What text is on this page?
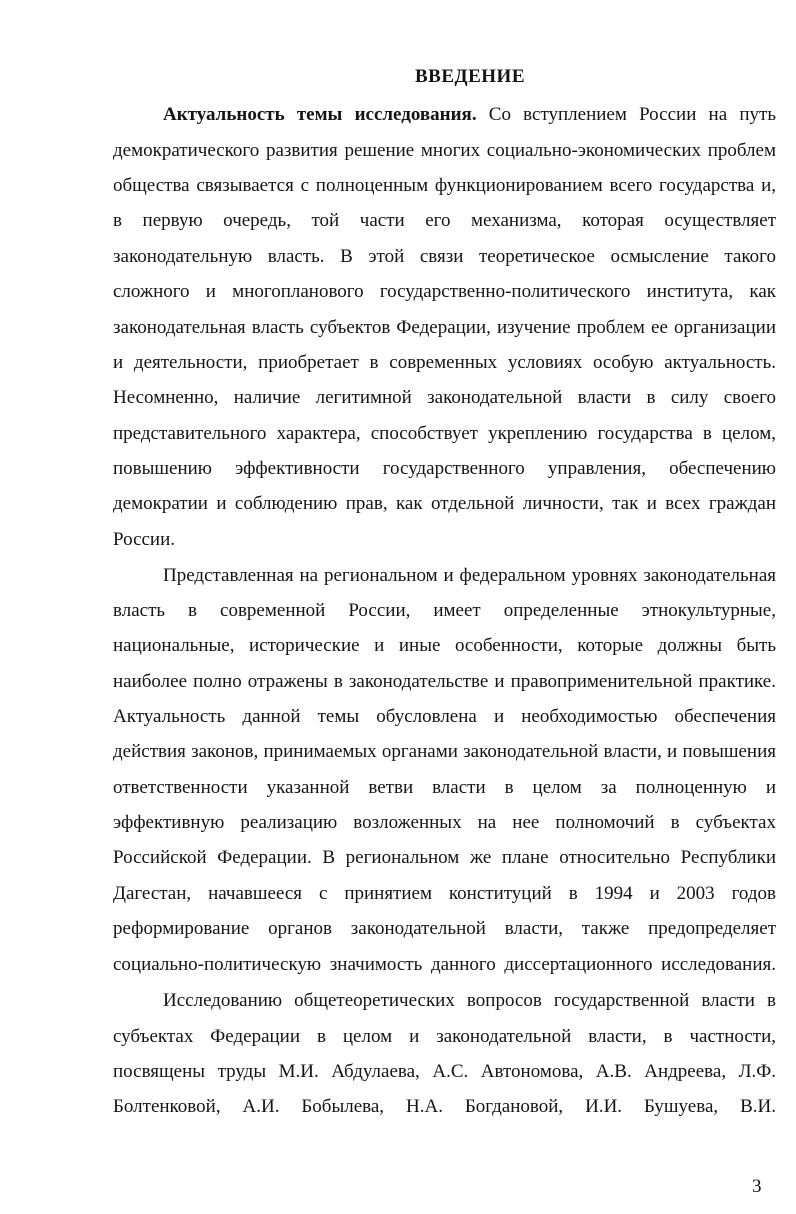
ВВЕДЕНИЕ
Актуальность темы исследования. Со вступлением России на путь
демократического развития решение многих социально-экономических проблем
общества связывается с полноценным функционированием всего государства и,
в первую очередь, той части его механизма, которая осуществляет
законодательную власть. В этой связи теоретическое осмысление такого
сложного и многопланового государственно-политического института, как
законодательная власть субъектов Федерации, изучение проблем ее организации
и деятельности, приобретает в современных условиях особую актуальность.
Несомненно, наличие легитимной законодательной власти в силу своего
представительного характера, способствует укреплению государства в целом,
повышению эффективности государственного управления, обеспечению
демократии и соблюдению прав, как отдельной личности, так и всех граждан
России.
Представленная на региональном и федеральном уровнях законодательная
власть в современной России, имеет определенные этнокультурные,
национальные, исторические и иные особенности, которые должны быть
наиболее полно отражены в законодательстве и правоприменительной практике.
Актуальность данной темы обусловлена и необходимостью обеспечения
действия законов, принимаемых органами законодательной власти, и повышения
ответственности указанной ветви власти в целом за полноценную и
эффективную реализацию возложенных на нее полномочий в субъектах
Российской Федерации. В региональном же плане относительно Республики
Дагестан, начавшееся с принятием конституций в 1994 и 2003 годов
реформирование органов законодательной власти, также предопределяет
социально-политическую значимость данного диссертационного исследования.
Исследованию общетеоретических вопросов государственной власти в
субъектах Федерации в целом и законодательной власти, в частности,
посвящены труды М.И. Абдулаева, А.С. Автономова, А.В. Андреева, Л.Ф.
Болтенковой, А.И. Бобылева, Н.А. Богдановой, И.И. Бушуева, В.И.
3
